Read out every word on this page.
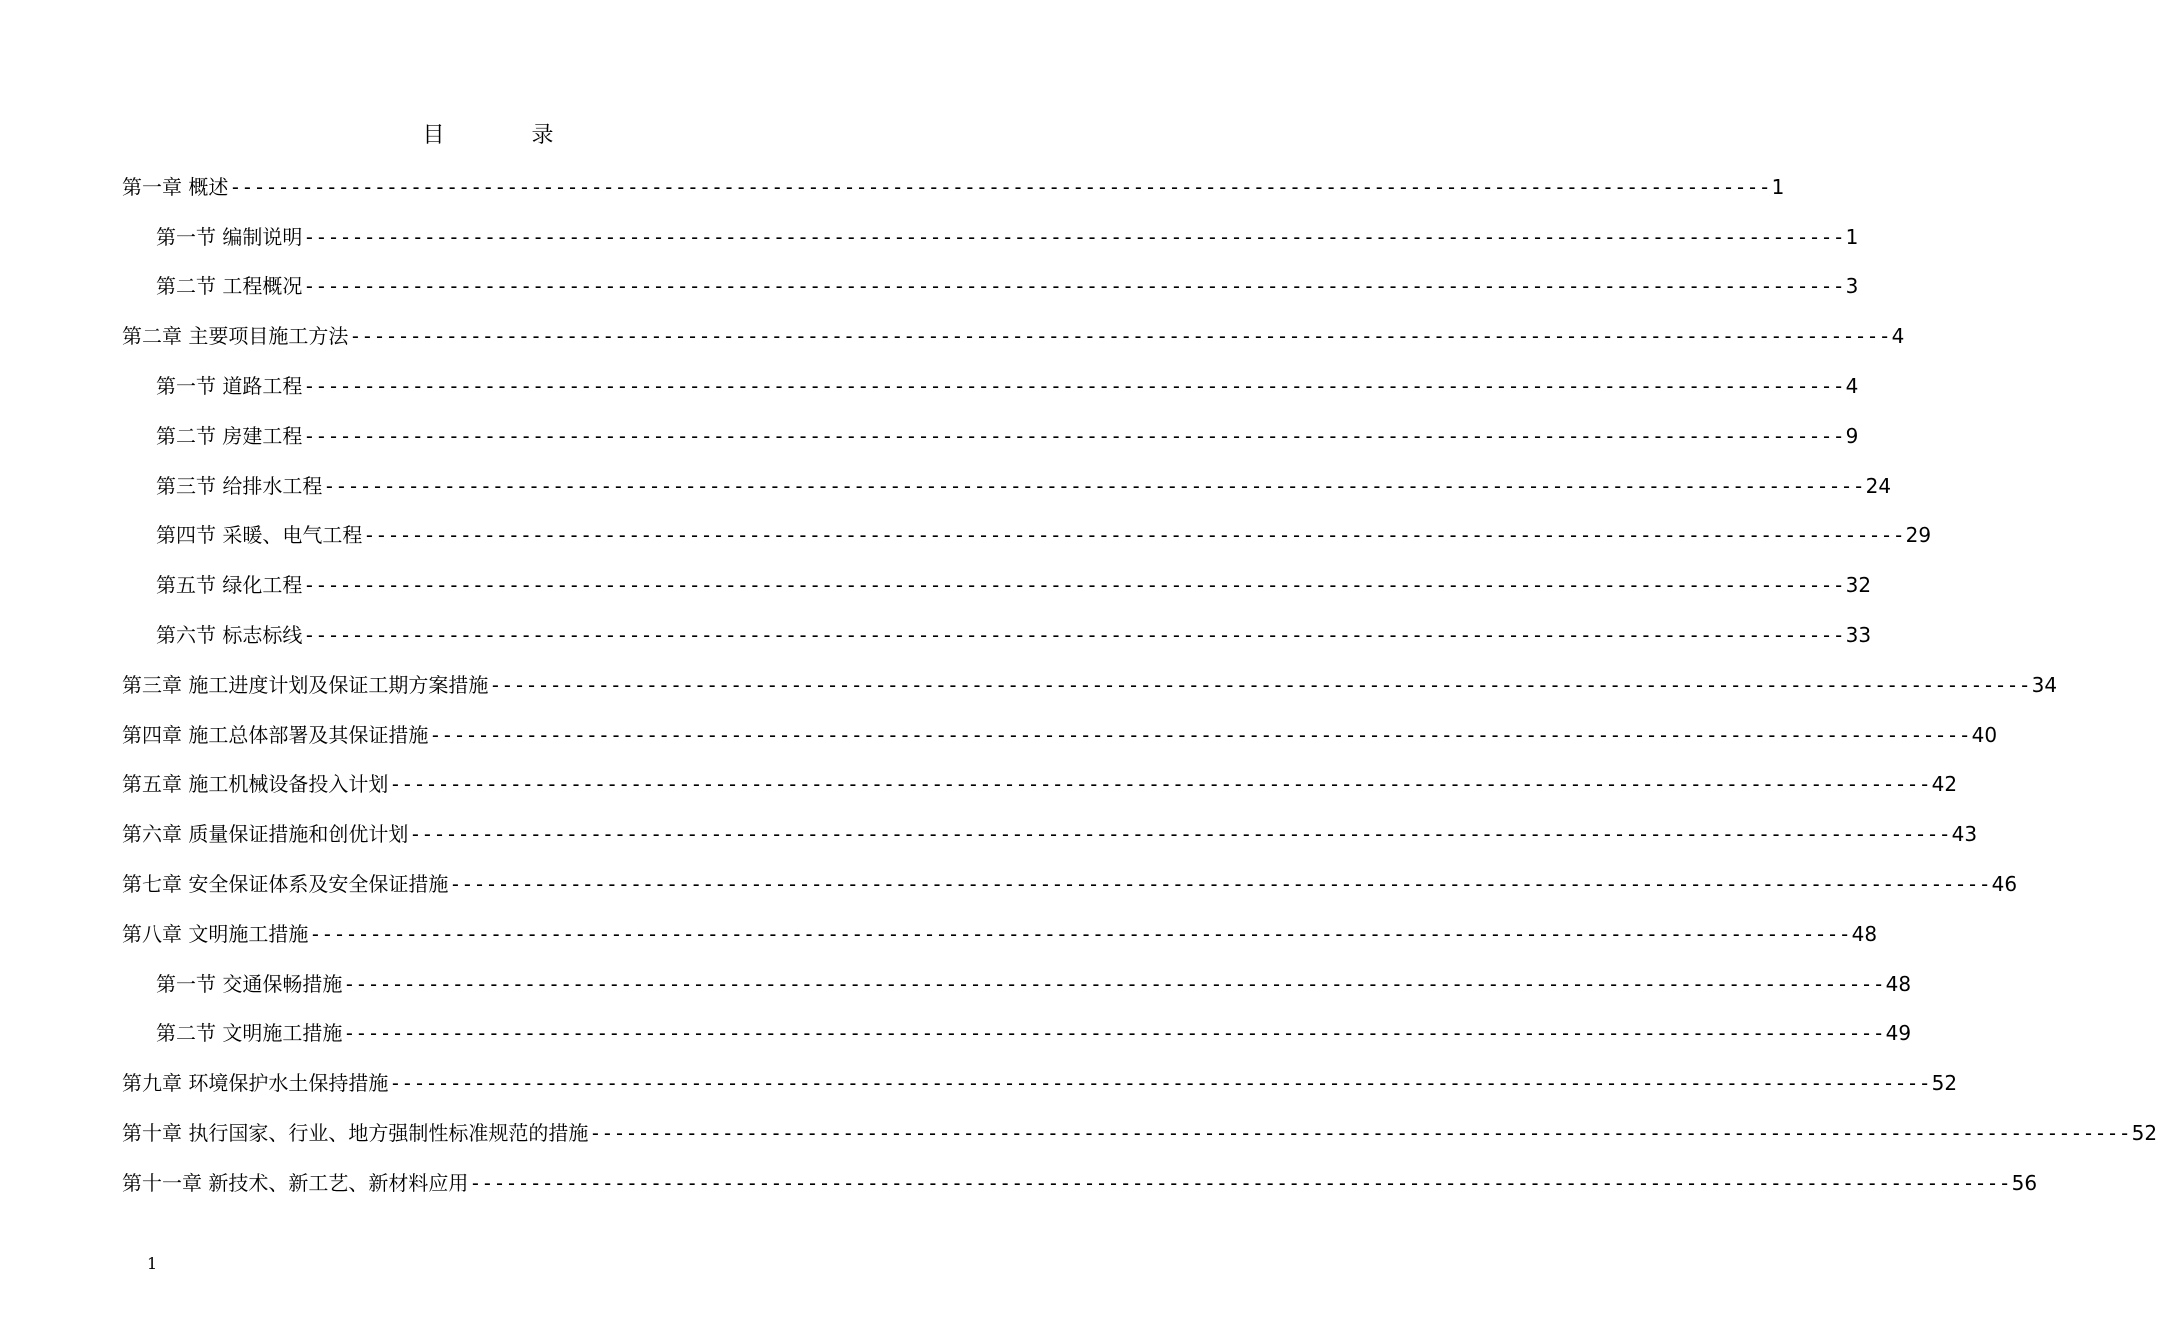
目 录
第一章 概述 -------------------------------------------------------------------------------------------------------------------------------- 1
第一节 编制说明 -------------------------------------------------------------------------------------------------------------------------------- 1
第二节 工程概况 -------------------------------------------------------------------------------------------------------------------------------- 3
第二章 主要项目施工方法 -------------------------------------------------------------------------------------------------------------------------------- 4
第一节 道路工程 -------------------------------------------------------------------------------------------------------------------------------- 4
第二节 房建工程 -------------------------------------------------------------------------------------------------------------------------------- 9
第三节 给排水工程 -------------------------------------------------------------------------------------------------------------------------------- 24
第四节 采暖、电气工程 -------------------------------------------------------------------------------------------------------------------------------- 29
第五节 绿化工程 -------------------------------------------------------------------------------------------------------------------------------- 32
第六节 标志标线 -------------------------------------------------------------------------------------------------------------------------------- 33
第三章 施工进度计划及保证工期方案措施 -------------------------------------------------------------------------------------------------------------------------------- 34
第四章 施工总体部署及其保证措施 -------------------------------------------------------------------------------------------------------------------------------- 40
第五章 施工机械设备投入计划 -------------------------------------------------------------------------------------------------------------------------------- 42
第六章 质量保证措施和创优计划 -------------------------------------------------------------------------------------------------------------------------------- 43
第七章 安全保证体系及安全保证措施 -------------------------------------------------------------------------------------------------------------------------------- 46
第八章 文明施工措施 -------------------------------------------------------------------------------------------------------------------------------- 48
第一节 交通保畅措施 -------------------------------------------------------------------------------------------------------------------------------- 48
第二节 文明施工措施 -------------------------------------------------------------------------------------------------------------------------------- 49
第九章 环境保护水土保持措施 -------------------------------------------------------------------------------------------------------------------------------- 52
第十章 执行国家、行业、地方强制性标准规范的措施 -------------------------------------------------------------------------------------------------------------------------------- 52
第十一章 新技术、新工艺、新材料应用 -------------------------------------------------------------------------------------------------------------------------------- 56
1
